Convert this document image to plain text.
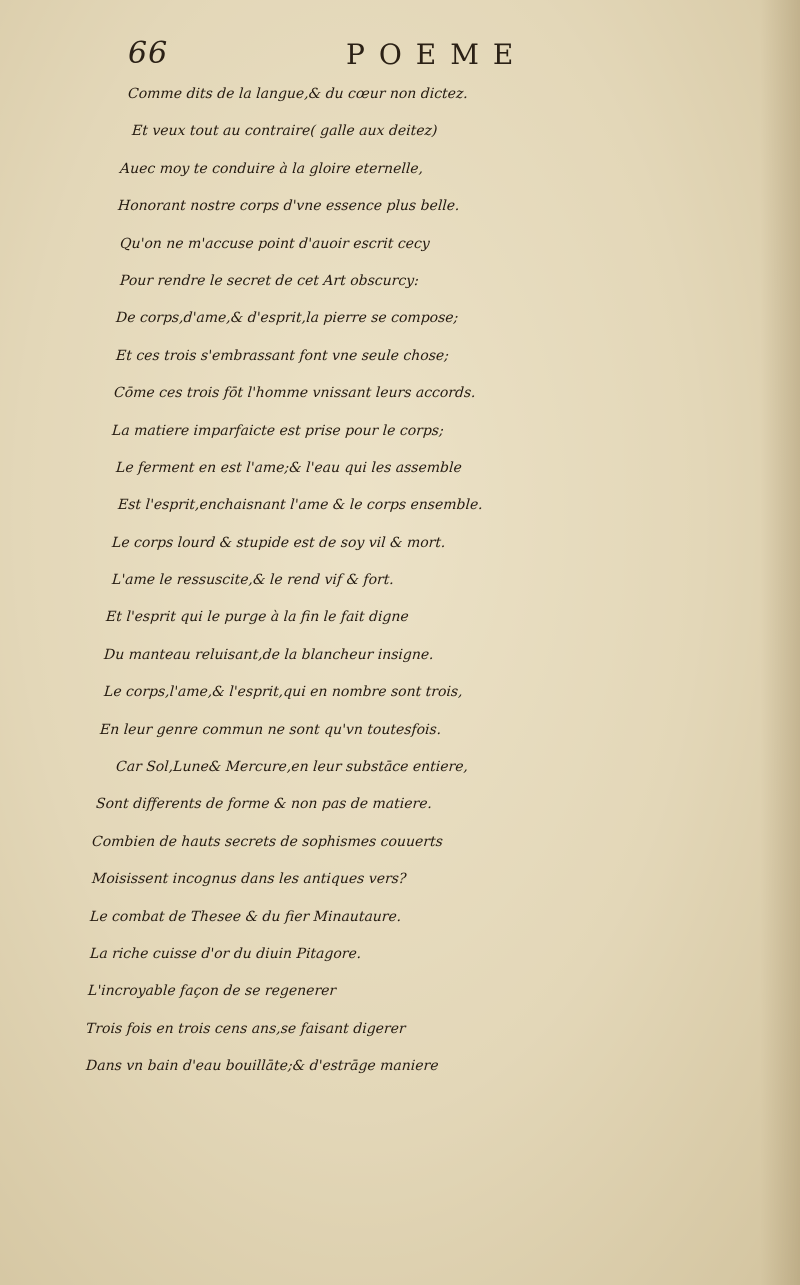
66	POEME
Comme dits de la langue,& du cœur non dictez.
Et veux tout au contraire( galle aux deitez)
Auec moy te conduire à la gloire eternelle,
Honorant nostre corps d'vne essence plus belle.
Qu'on ne m'accuse point d'auoir escrit cecy
Pour rendre le secret de cet Art obscurcy:
De corps,d'ame,& d'esprit,la pierre se compose;
Et ces trois s'embrassant font vne seule chose;
Cōme ces trois fōt l'homme vnissant leurs accords.
La matiere imparfaicte est prise pour le corps;
Le ferment en est l'ame;& l'eau qui les assemble
Est l'esprit,enchaisnant l'ame & le corps ensemble.
Le corps lourd & stupide est de soy vil & mort.
L'ame le ressuscite,& le rend vif & fort.
Et l'esprit qui le purge à la fin le fait digne
Du manteau reluisant,de la blancheur insigne.
Le corps,l'ame,& l'esprit,qui en nombre sont trois,
En leur genre commun ne sont qu'vn toutesfois.
Car Sol,Lune& Mercure,en leur substāce entiere,
Sont differents de forme & non pas de matiere.
Combien de hauts secrets de sophismes couuerts
Moisissent incognus dans les antiques vers?
Le combat de Thesee & du fier Minautaure.
La riche cuisse d'or du diuin Pitagore.
L'incroyable façon de se regenerer
Trois fois en trois cens ans,se faisant digerer
Dans vn bain d'eau bouillāte;& d'estrāge maniere
